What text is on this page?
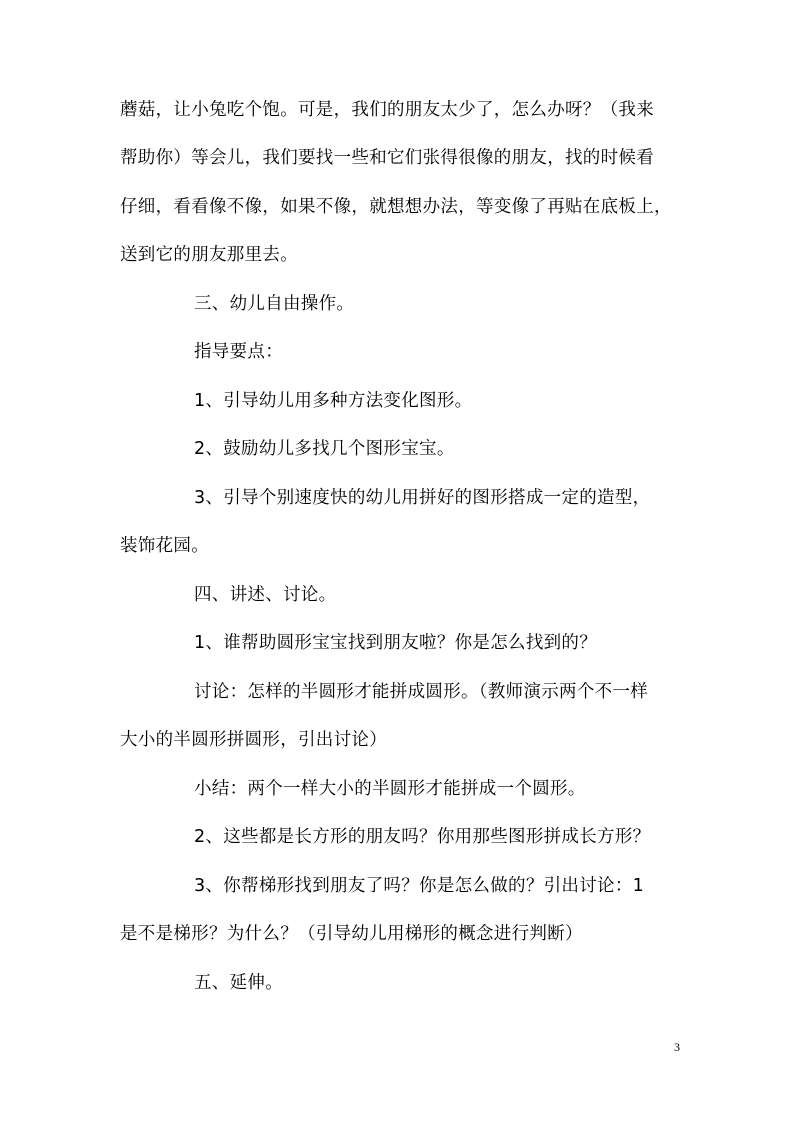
蘑菇，让小兔吃个饱。可是，我们的朋友太少了，怎么办呀？（我来
帮助你）等会儿，我们要找一些和它们张得很像的朋友，找的时候看
仔细，看看像不像，如果不像，就想想办法，等变像了再贴在底板上，
送到它的朋友那里去。
三、幼儿自由操作。
指导要点：
1、引导幼儿用多种方法变化图形。
2、鼓励幼儿多找几个图形宝宝。
3、引导个别速度快的幼儿用拼好的图形搭成一定的造型，
装饰花园。
四、讲述、讨论。
1、谁帮助圆形宝宝找到朋友啦？你是怎么找到的？
讨论：怎样的半圆形才能拼成圆形。（教师演示两个不一样
大小的半圆形拼圆形，引出讨论）
小结：两个一样大小的半圆形才能拼成一个圆形。
2、这些都是长方形的朋友吗？你用那些图形拼成长方形？
3、你帮梯形找到朋友了吗？你是怎么做的？引出讨论：1
是不是梯形？为什么？（引导幼儿用梯形的概念进行判断）
五、延伸。
3
